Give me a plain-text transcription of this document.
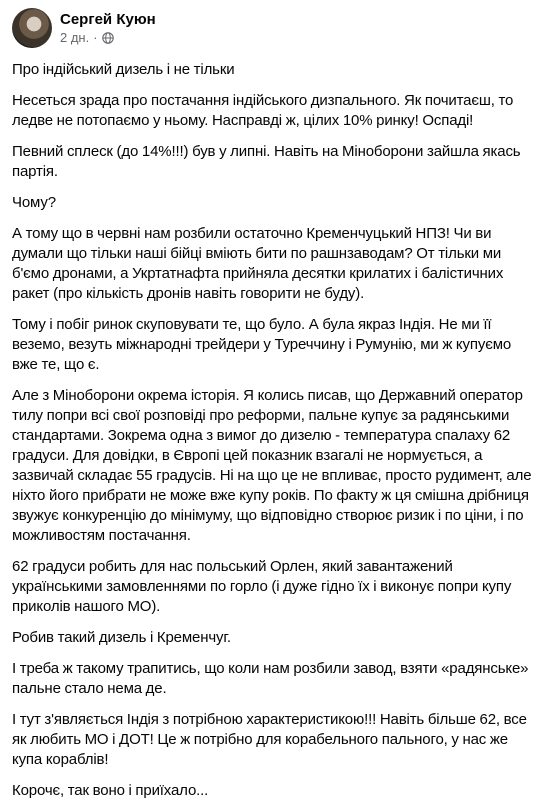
Сергей Куюн
2 дн. ·

Про індійський дизель і не тільки

Несеться зрада про постачання індійського дизпального. Як почитаєш, то ледве не потопаємо у ньому. Насправді ж, цілих 10% ринку! Оспаді!

Певний сплеск (до 14%!!!) був у липні. Навіть на Міноборони зайшла якась партія.

Чому?

А тому що в червні нам розбили остаточно Кременчуцький НПЗ! Чи ви думали що тільки наші бійці вміють бити по рашнзаводам? От тільки ми б'ємо дронами, а Укртатнафта прийняла десятки крилатих і балістичних ракет (про кількість дронів навіть говорити не буду).

Тому і побіг ринок скуповувати те, що було. А була якраз Індія. Не ми її веземо, везуть міжнародні трейдери у Туреччину і Румунію, ми ж купуємо вже те, що є.

Але з Міноборони окрема історія. Я колись писав, що Державний оператор тилу попри всі свої розповіді про реформи, пальне купує за радянськими стандартами. Зокрема одна з вимог до дизелю - температура спалаху 62 градуси. Для довідки, в Європі цей показник взагалі не нормується, а зазвичай складає 55 градусів. Ні на що це не впливає, просто рудимент, але ніхто його прибрати не може вже купу років. По факту ж ця смішна дрібниця звужує конкуренцію до мінімуму, що відповідно створює ризик і по ціни, і по можливостям постачання.

62 градуси робить для нас польський Орлен, який завантажений українськими замовленнями по горло (і дуже гідно їх і виконує попри купу приколів нашого МО).

Робив такий дизель і Кременчуг.

І треба ж такому трапитись, що коли нам розбили завод, взяти «радянське» пальне стало нема де.

І тут з'являється Індія з потрібною характеристикою!!! Навіть більше 62, все як любить МО і ДОТ! Це ж потрібно для корабельного пального, у нас же купа кораблів!

Корочє, так воно і приїхало...
